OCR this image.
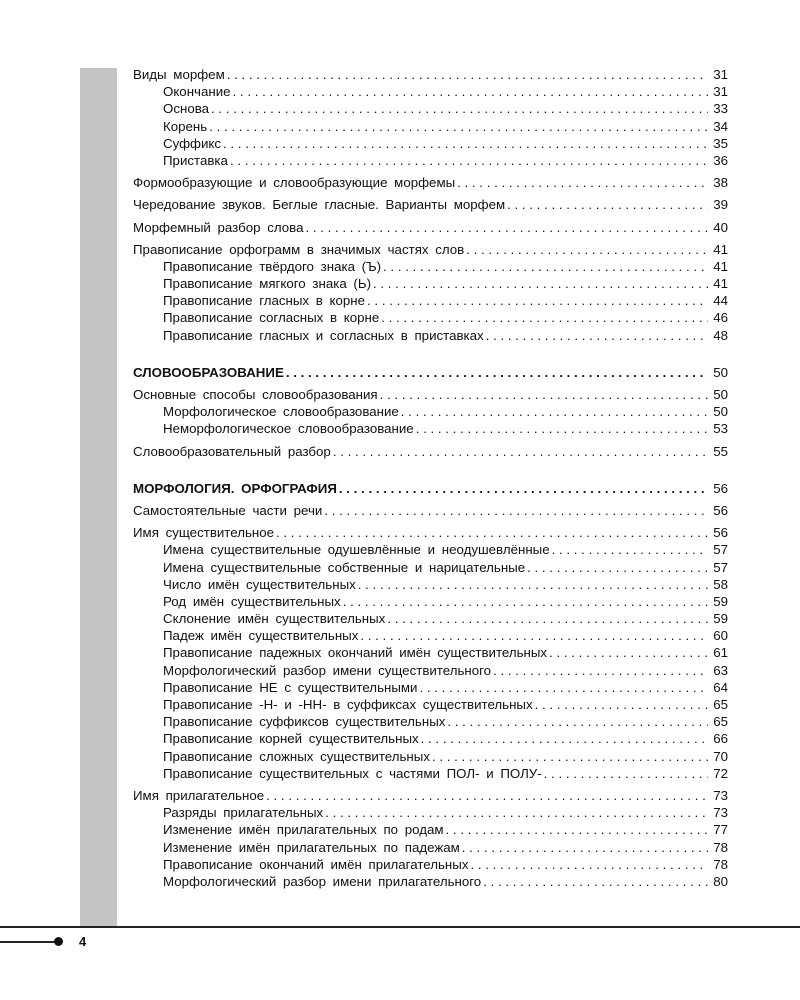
Виды морфем . . .	31
Окончание . . .	31
Основа . . .	33
Корень . . .	34
Суффикс . . .	35
Приставка . . .	36
Формообразующие и словообразующие морфемы . . .	38
Чередование звуков. Беглые гласные. Варианты морфем . . .	39
Морфемный разбор слова . . .	40
Правописание орфограмм в значимых частях слов . . .	41
Правописание твёрдого знака (Ъ) . . .	41
Правописание мягкого знака (Ь) . . .	41
Правописание гласных в корне . . .	44
Правописание согласных в корне . . .	46
Правописание гласных и согласных в приставках . . .	48
СЛОВООБРАЗОВАНИЕ . . .	50
Основные способы словообразования . . .	50
Морфологическое словообразование . . .	50
Неморфологическое словообразование . . .	53
Словообразовательный разбор . . .	55
МОРФОЛОГИЯ. ОРФОГРАФИЯ . . .	56
Самостоятельные части речи . . .	56
Имя существительное . . .	56
Имена существительные одушевлённые и неодушевлённые . . .	57
Имена существительные собственные и нарицательные . . .	57
Число имён существительных . . .	58
Род имён существительных . . .	59
Склонение имён существительных . . .	59
Падеж имён существительных . . .	60
Правописание падежных окончаний имён существительных . . .	61
Морфологический разбор имени существительного . . .	63
Правописание НЕ с существительными . . .	64
Правописание -Н- и -НН- в суффиксах существительных . . .	65
Правописание суффиксов существительных . . .	65
Правописание корней существительных . . .	66
Правописание сложных существительных . . .	70
Правописание существительных с частями ПОЛ- и ПОЛУ- . . .	72
Имя прилагательное . . .	73
Разряды прилагательных . . .	73
Изменение имён прилагательных по родам . . .	77
Изменение имён прилагательных по падежам . . .	78
Правописание окончаний имён прилагательных . . .	78
Морфологический разбор имени прилагательного . . .	80
4
